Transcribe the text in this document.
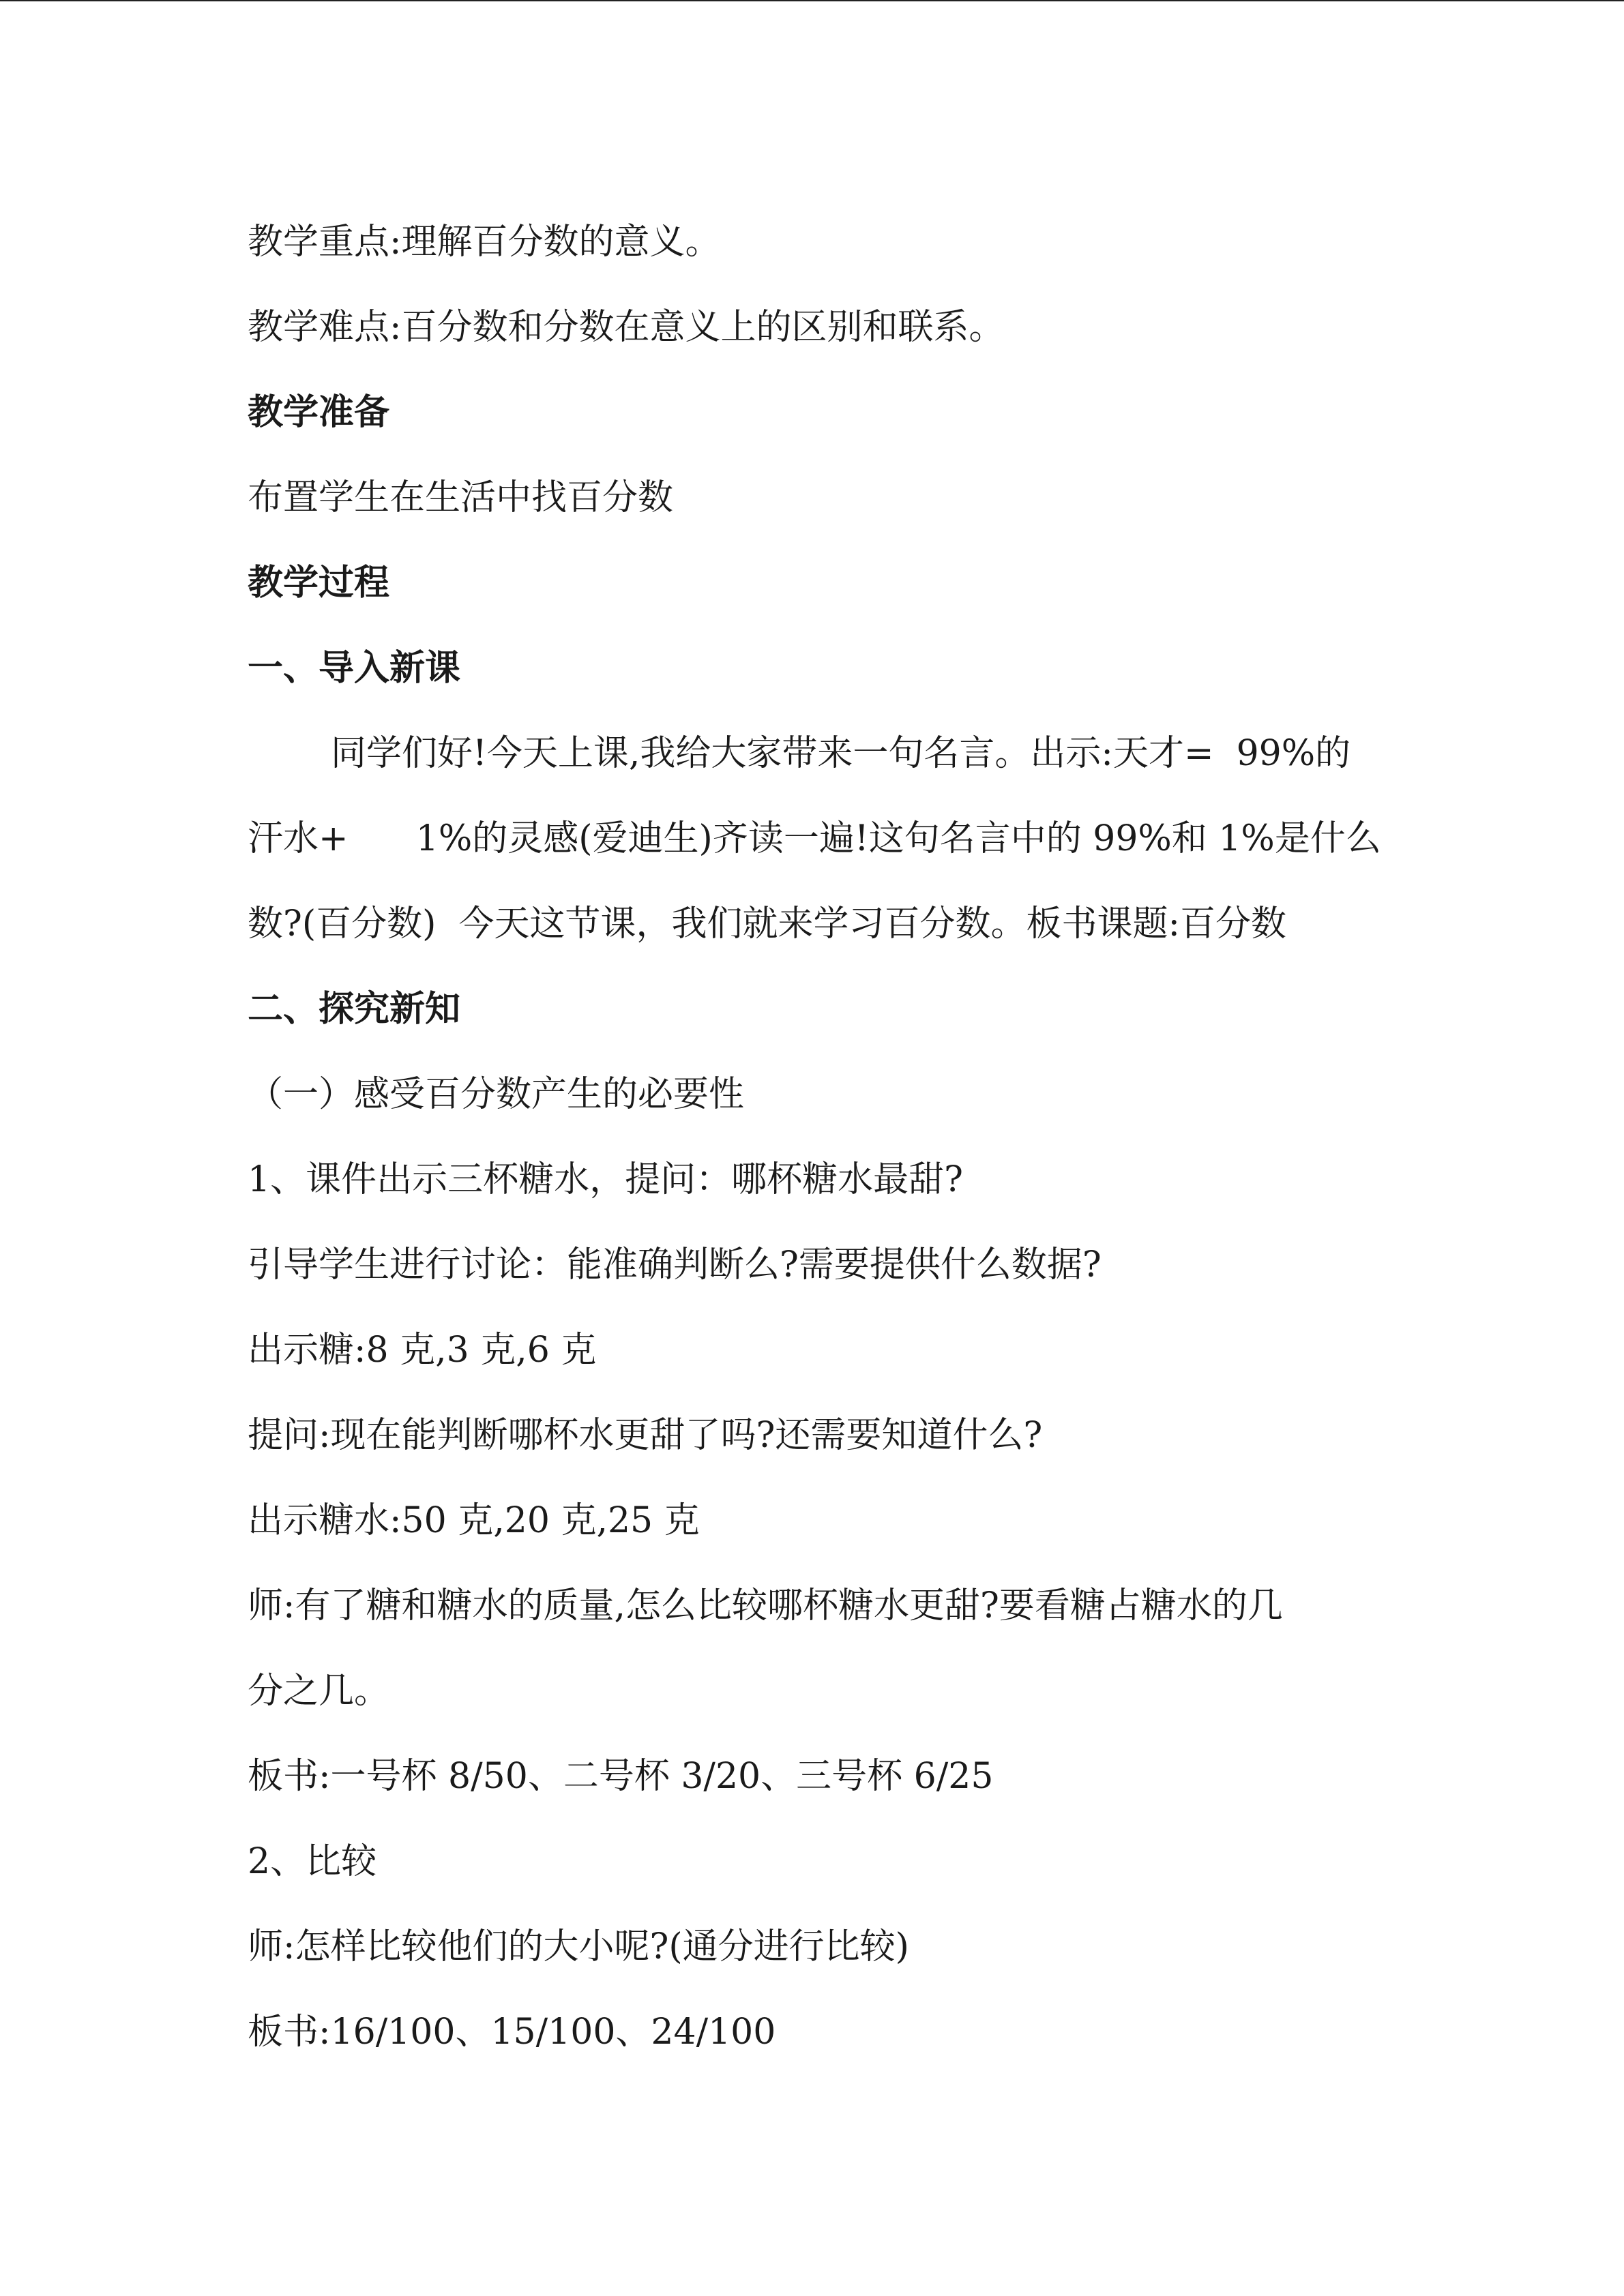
教学重点:理解百分数的意义。
教学难点:百分数和分数在意义上的区别和联系。
教学准备
布置学生在生活中找百分数
教学过程
一、导入新课
同学们好!今天上课,我给大家带来一句名言。出示:天才=  99%的
汗水+      1%的灵感(爱迪生)齐读一遍!这句名言中的 99%和 1%是什么
数?(百分数)  今天这节课，我们就来学习百分数。板书课题:百分数
二、探究新知
（一）感受百分数产生的必要性
1、课件出示三杯糖水，提问：哪杯糖水最甜?
引导学生进行讨论：能准确判断么?需要提供什么数据?
出示糖:8 克,3 克,6 克
提问:现在能判断哪杯水更甜了吗?还需要知道什么?
出示糖水:50 克,20 克,25 克
师:有了糖和糖水的质量,怎么比较哪杯糖水更甜?要看糖占糖水的几
分之几。
板书:一号杯 8/50、二号杯 3/20、三号杯 6/25
2、比较
师:怎样比较他们的大小呢?(通分进行比较)
板书:16/100、15/100、24/100
